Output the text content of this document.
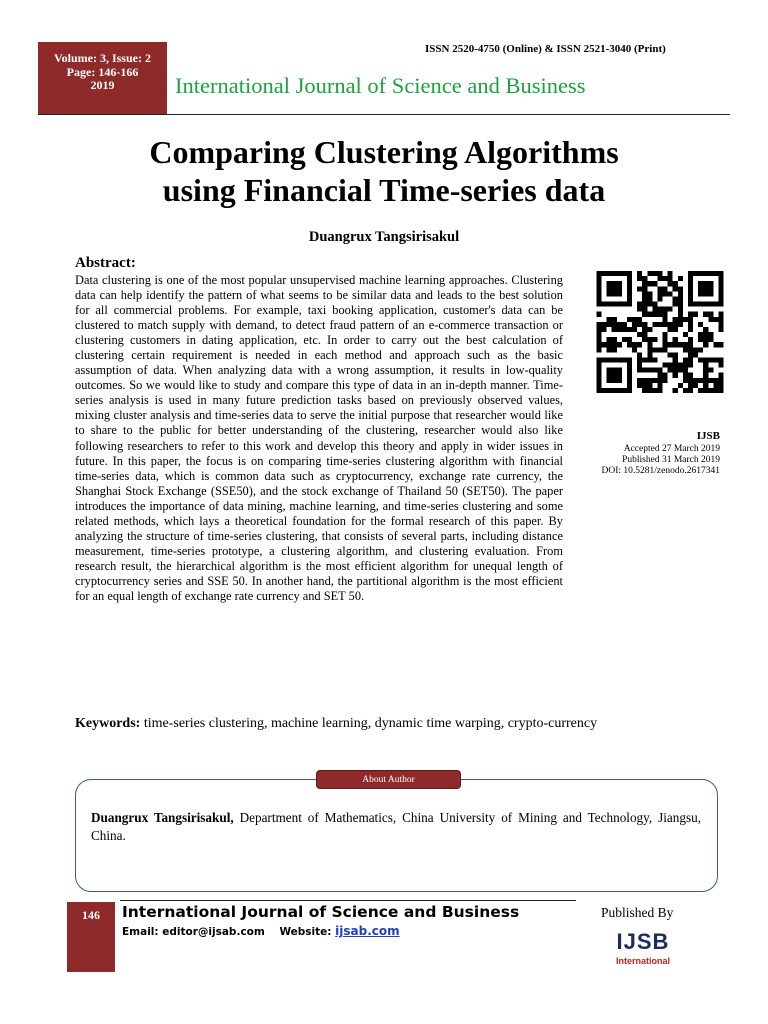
Volume: 3, Issue: 2
Page: 146-166
2019
ISSN 2520-4750 (Online) & ISSN 2521-3040 (Print)
International Journal of Science and Business
Comparing Clustering Algorithms
using Financial Time-series data
Duangrux Tangsirisakul
Abstract:

Data clustering is one of the most popular unsupervised machine learning approaches. Clustering data can help identify the pattern of what seems to be similar data and leads to the best solution for all commercial problems. For example, taxi booking application, customer's data can be clustered to match supply with demand, to detect fraud pattern of an e-commerce transaction or clustering customers in dating application, etc. In order to carry out the best calculation of clustering certain requirement is needed in each method and approach such as the basic assumption of data. When analyzing data with a wrong assumption, it results in low-quality outcomes. So we would like to study and compare this type of data in an in-depth manner. Time-series analysis is used in many future prediction tasks based on previously observed values, mixing cluster analysis and time-series data to serve the initial purpose that researcher would like to share to the public for better understanding of the clustering, researcher would also like following researchers to refer to this work and develop this theory and apply in wider issues in future. In this paper, the focus is on comparing time-series clustering algorithm with financial time-series data, which is common data such as cryptocurrency, exchange rate currency, the Shanghai Stock Exchange (SSE50), and the stock exchange of Thailand 50 (SET50). The paper introduces the importance of data mining, machine learning, and time-series clustering and some related methods, which lays a theoretical foundation for the formal research of this paper. By analyzing the structure of time-series clustering, that consists of several parts, including distance measurement, time-series prototype, a clustering algorithm, and clustering evaluation. From research result, the hierarchical algorithm is the most efficient algorithm for unequal length of cryptocurrency series and SSE 50. In another hand, the partitional algorithm is the most efficient for an equal length of exchange rate currency and SET 50.

IJSB
Accepted 27 March 2019
Published 31 March 2019
DOI: 10.5281/zenodo.2617341
Keywords: time-series clustering, machine learning, dynamic time warping, crypto-currency
About Author
Duangrux Tangsirisakul, Department of Mathematics, China University of Mining and Technology, Jiangsu, China.
146	International Journal of Science and Business
Email: editor@ijsab.com Website: ijsab.com
Published By
IJSB
International
